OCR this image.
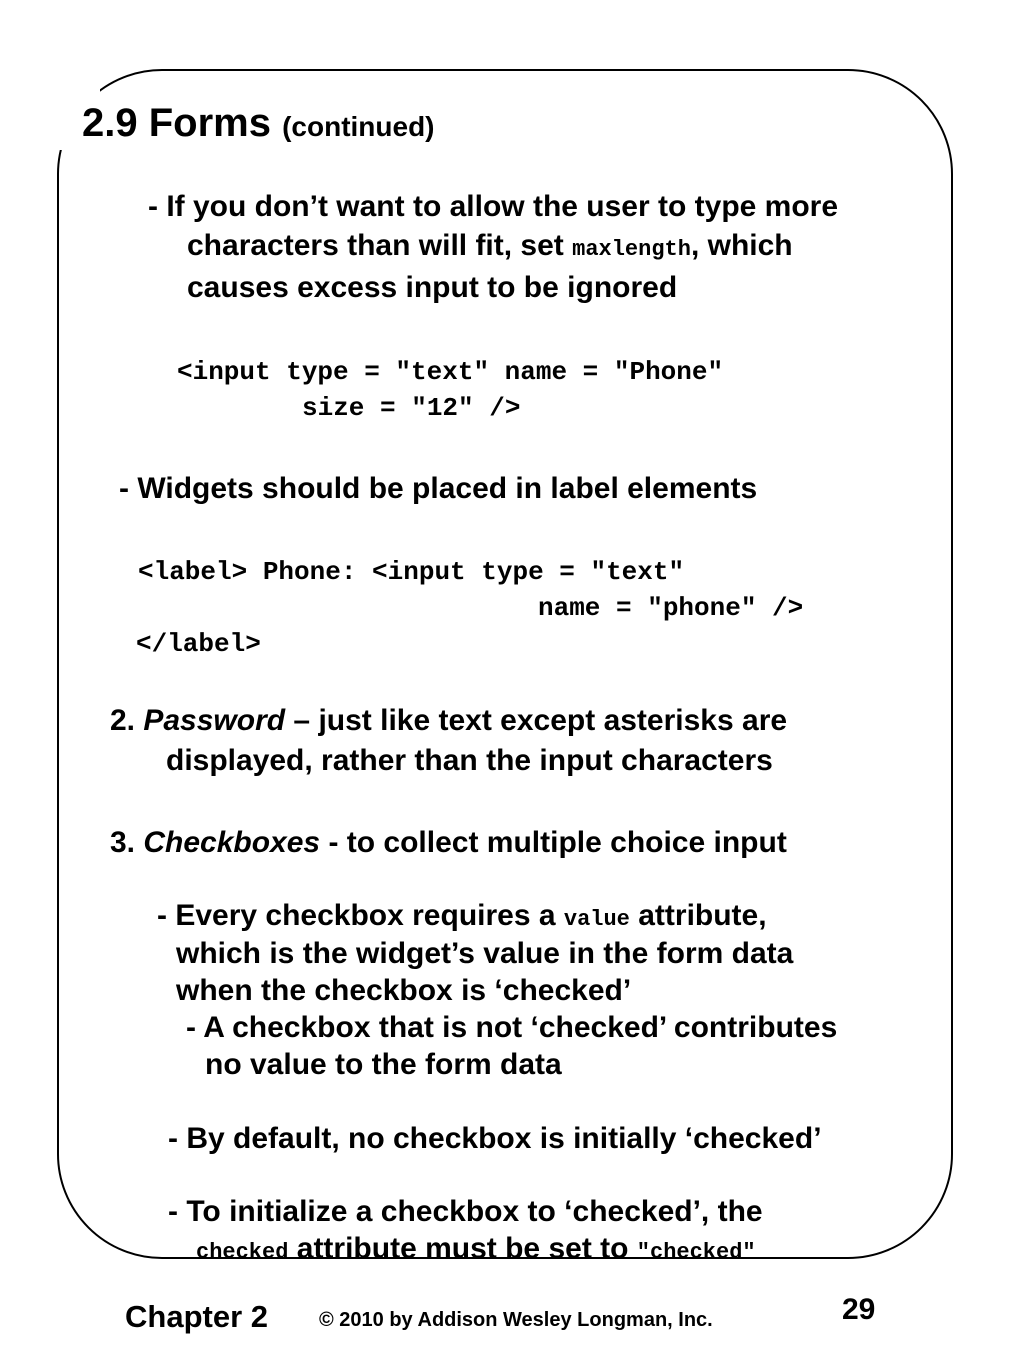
2.9 Forms (continued)
- If you don’t want to allow the user to type more
characters than will fit, set maxlength, which
causes excess input to be ignored
<input type = "text" name = "Phone"
size = "12" />
- Widgets should be placed in label elements
<label> Phone: <input type = "text"
name = "phone" />
</label>
2. Password – just like text except asterisks are
displayed, rather than the input characters
3. Checkboxes - to collect multiple choice input
- Every checkbox requires a value attribute,
which is the widget’s value in the form data
when the checkbox is ‘checked’
- A checkbox that is not ‘checked’ contributes
no value to the form data
- By default, no checkbox is initially ‘checked’
- To initialize a checkbox to ‘checked’, the
checked attribute must be set to "checked"
Chapter 2	© 2010 by Addison Wesley Longman, Inc.	29
